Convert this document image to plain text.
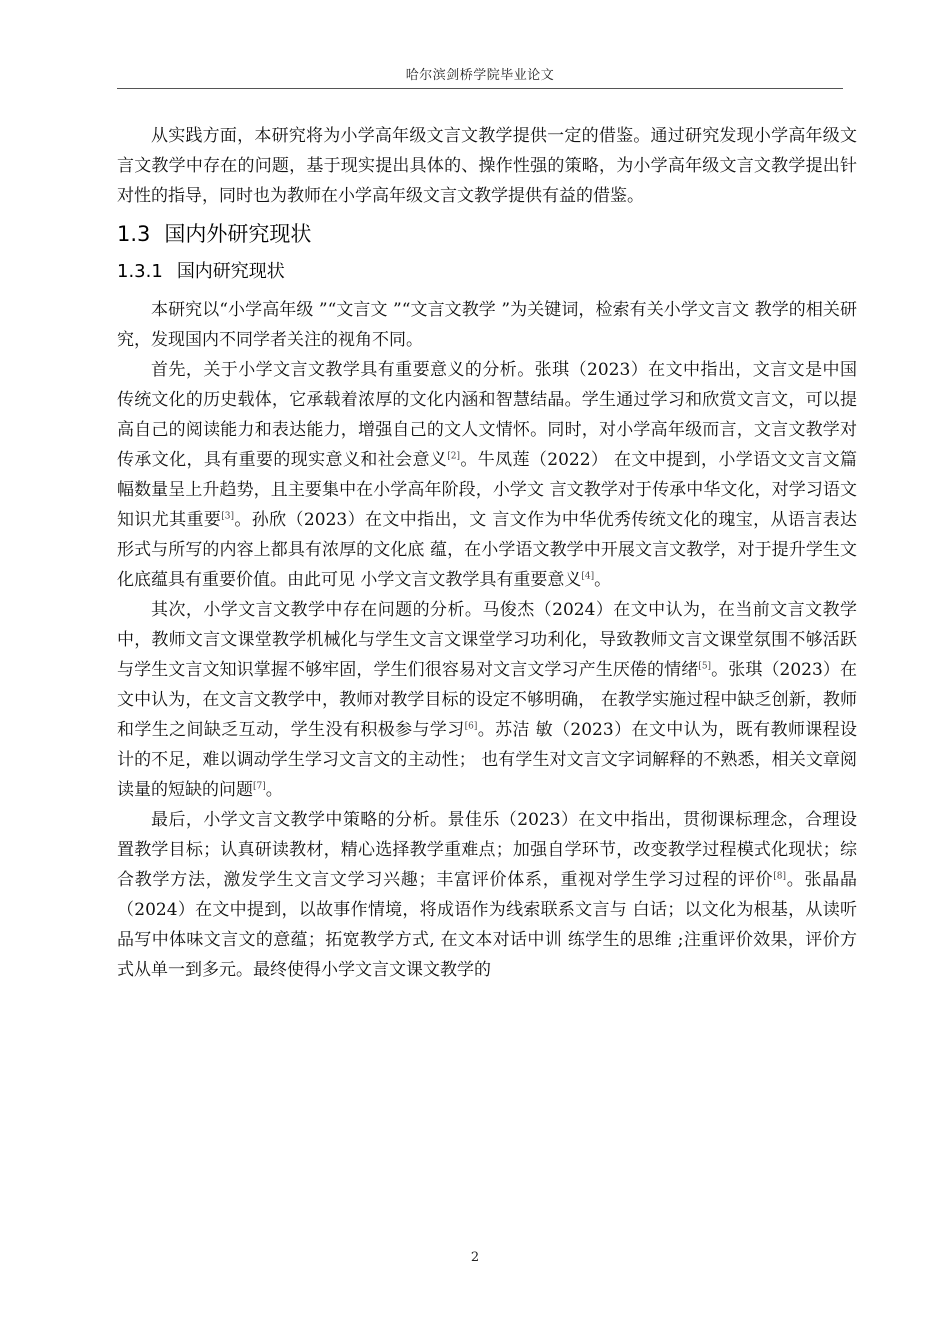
哈尔滨剑桥学院毕业论文

从实践方面，本研究将为小学高年级文言文教学提供一定的借鉴。通过研究发现小学高年级文言文教学中存在的问题，基于现实提出具体的、操作性强的策略，为小学高年级文言文教学提出针对性的指导，同时也为教师在小学高年级文言文教学提供有益的借鉴。

1.3 国内外研究现状
1.3.1 国内研究现状

本研究以“小学高年级 ”“文言文 ”“文言文教学 ”为关键词，检索有关小学文言文 教学的相关研究，发现国内不同学者关注的视角不同。

首先，关于小学文言文教学具有重要意义的分析。张琪（2023）在文中指出，文言文是中国传统文化的历史载体，它承载着浓厚的文化内涵和智慧结晶。学生通过学习和欣赏文言文，可以提高自己的阅读能力和表达能力，增强自己的文人文情怀。同时，对小学高年级而言，文言文教学对传承文化，具有重要的现实意义和社会意义[2]。牛凤莲（2022） 在文中提到，小学语文文言文篇幅数量呈上升趋势，且主要集中在小学高年阶段，小学文 言文教学对于传承中华文化，对学习语文知识尤其重要[3]。孙欣（2023）在文中指出，文 言文作为中华优秀传统文化的瑰宝，从语言表达形式与所写的内容上都具有浓厚的文化底 蕴，在小学语文教学中开展文言文教学，对于提升学生文化底蕴具有重要价值。由此可见 小学文言文教学具有重要意义[4]。

其次，小学文言文教学中存在问题的分析。马俊杰（2024）在文中认为，在当前文言文教学中，教师文言文课堂教学机械化与学生文言文课堂学习功利化，导致教师文言文课堂氛围不够活跃与学生文言文知识掌握不够牢固，学生们很容易对文言文学习产生厌倦的情绪[5]。张琪（2023）在文中认为，在文言文教学中，教师对教学目标的设定不够明确， 在教学实施过程中缺乏创新，教师和学生之间缺乏互动，学生没有积极参与学习[6]。苏洁 敏（2023）在文中认为，既有教师课程设计的不足，难以调动学生学习文言文的主动性； 也有学生对文言文字词解释的不熟悉，相关文章阅读量的短缺的问题[7]。

最后，小学文言文教学中策略的分析。景佳乐（2023）在文中指出，贯彻课标理念，合理设置教学目标；认真研读教材，精心选择教学重难点；加强自学环节，改变教学过程模式化现状；综合教学方法，激发学生文言文学习兴趣；丰富评价体系，重视对学生学习过程的评价[8]。张晶晶（2024）在文中提到，以故事作情境，将成语作为线索联系文言与 白话；以文化为根基，从读听品写中体味文言文的意蕴；拓宽教学方式, 在文本对话中训 练学生的思维 ;注重评价效果，评价方式从单一到多元。最终使得小学文言文课文教学的

2
